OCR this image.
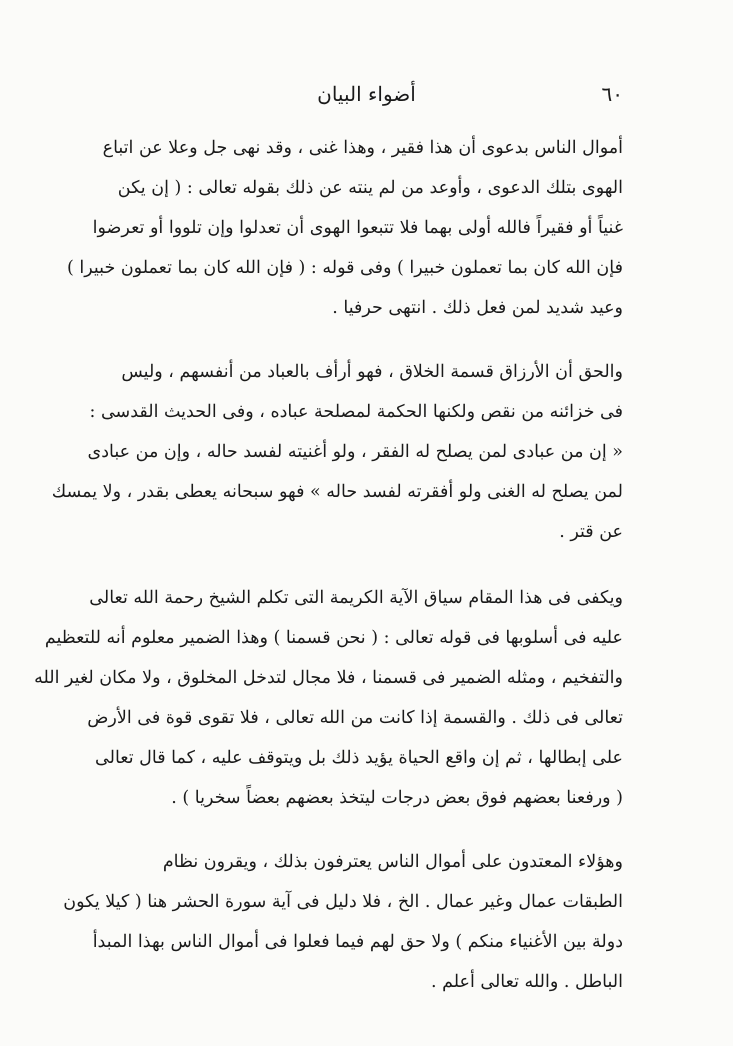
٦٠
أضواء البيان
أموال الناس بدعوى أن هذا فقير ، وهذا غنى ، وقد نهى جل وعلا عن اتباع
الهوى بتلك الدعوى ، وأوعد من لم ينته عن ذلك بقوله تعالى : ( إن يكن
غنياً أو فقيراً فالله أولى بهما فلا تتبعوا الهوى أن تعدلوا وإن تلووا أو تعرضوا
فإن الله كان بما تعملون خبيرا ) وفى قوله : ( فإن الله كان بما تعملون خبيرا )
وعيد شديد لمن فعل ذلك . انتهى حرفيا .
والحق أن الأرزاق قسمة الخلاق ، فهو أرأف بالعباد من أنفسهم ، وليس
فى خزائنه من نقص ولكنها الحكمة لمصلحة عباده ، وفى الحديث القدسى :
« إن من عبادى لمن يصلح له الفقر ، ولو أغنيته لفسد حاله ، وإن من عبادى
لمن يصلح له الغنى ولو أفقرته لفسد حاله » فهو سبحانه يعطى بقدر ، ولا يمسك
عن قتر .
ويكفى فى هذا المقام سياق الآية الكريمة التى تكلم الشيخ رحمة الله تعالى
عليه فى أسلوبها فى قوله تعالى : ( نحن قسمنا ) وهذا الضمير معلوم أنه للتعظيم
والتفخيم ، ومثله الضمير فى قسمنا ، فلا مجال لتدخل المخلوق ، ولا مكان لغير الله
تعالى فى ذلك . والقسمة إذا كانت من الله تعالى ، فلا تقوى قوة فى الأرض
على إبطالها ، ثم إن واقع الحياة يؤيد ذلك بل ويتوقف عليه ، كما قال تعالى
( ورفعنا بعضهم فوق بعض درجات ليتخذ بعضهم بعضاً سخريا ) .
وهؤلاء المعتدون على أموال الناس يعترفون بذلك ، ويقرون نظام
الطبقات عمال وغير عمال . الخ ، فلا دليل فى آية سورة الحشر هنا ( كيلا يكون
دولة بين الأغنياء منكم ) ولا حق لهم فيما فعلوا فى أموال الناس بهذا المبدأ
الباطل . والله تعالى أعلم .
